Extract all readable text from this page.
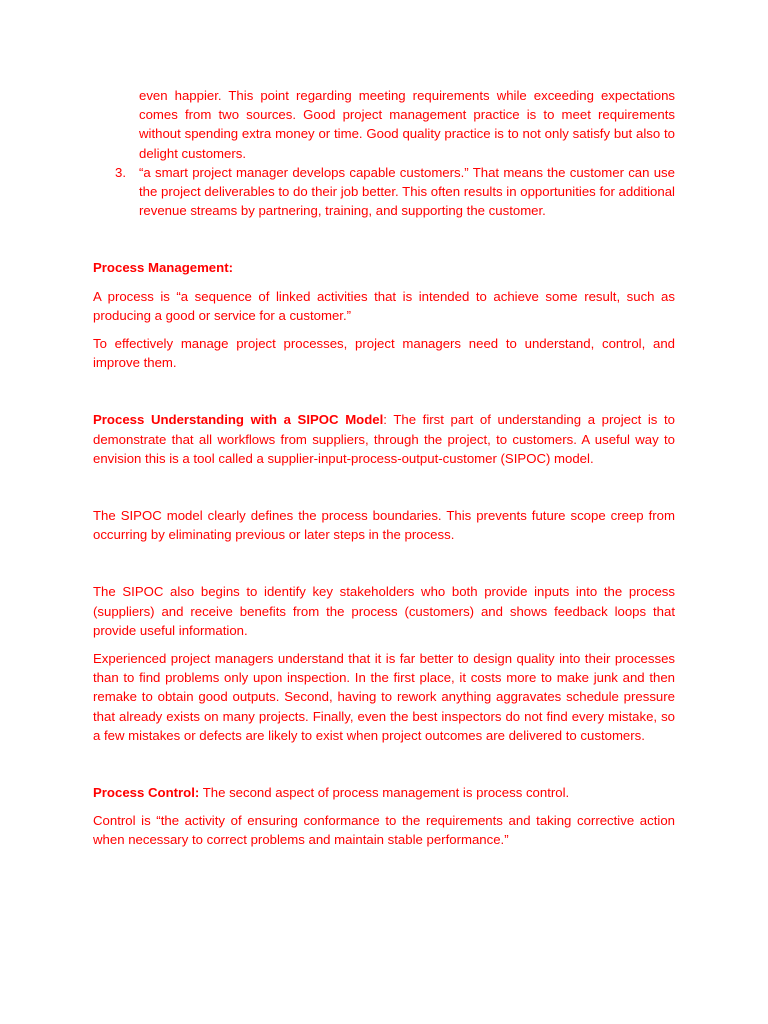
even happier. This point regarding meeting requirements while exceeding expectations comes from two sources. Good project management practice is to meet requirements without spending extra money or time. Good quality practice is to not only satisfy but also to delight customers.

3. “a smart project manager develops capable customers.” That means the customer can use the project deliverables to do their job better. This often results in opportunities for additional revenue streams by partnering, training, and supporting the customer.

Process Management:

A process is “a sequence of linked activities that is intended to achieve some result, such as producing a good or service for a customer.”

To effectively manage project processes, project managers need to understand, control, and improve them.

Process Understanding with a SIPOC Model: The first part of understanding a project is to demonstrate that all workflows from suppliers, through the project, to customers. A useful way to envision this is a tool called a supplier-input-process-output-customer (SIPOC) model.

The SIPOC model clearly defines the process boundaries. This prevents future scope creep from occurring by eliminating previous or later steps in the process.

The SIPOC also begins to identify key stakeholders who both provide inputs into the process (suppliers) and receive benefits from the process (customers) and shows feedback loops that provide useful information.

Experienced project managers understand that it is far better to design quality into their processes than to find problems only upon inspection. In the first place, it costs more to make junk and then remake to obtain good outputs. Second, having to rework anything aggravates schedule pressure that already exists on many projects. Finally, even the best inspectors do not find every mistake, so a few mistakes or defects are likely to exist when project outcomes are delivered to customers.

Process Control: The second aspect of process management is process control.

Control is “the activity of ensuring conformance to the requirements and taking corrective action when necessary to correct problems and maintain stable performance.”
